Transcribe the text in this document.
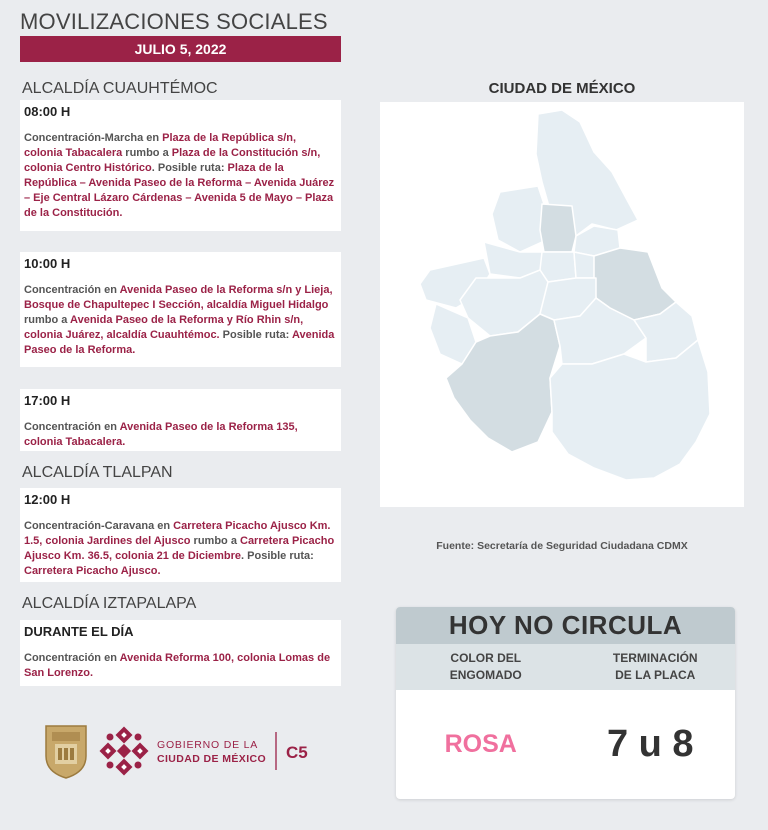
MOVILIZACIONES SOCIALES
JULIO 5, 2022
ALCALDÍA CUAUHTÉMOC
08:00 H
Concentración-Marcha en Plaza de la República s/n, colonia Tabacalera rumbo a Plaza de la Constitución s/n, colonia Centro Histórico. Posible ruta: Plaza de la República – Avenida Paseo de la Reforma – Avenida Juárez – Eje Central Lázaro Cárdenas – Avenida 5 de Mayo – Plaza de la Constitución.
10:00 H
Concentración en Avenida Paseo de la Reforma s/n y Lieja, Bosque de Chapultepec I Sección, alcaldía Miguel Hidalgo rumbo a Avenida Paseo de la Reforma y Río Rhin s/n, colonia Juárez, alcaldía Cuauhtémoc. Posible ruta: Avenida Paseo de la Reforma.
17:00 H
Concentración en Avenida Paseo de la Reforma 135, colonia Tabacalera.
ALCALDÍA TLALPAN
12:00 H
Concentración-Caravana en Carretera Picacho Ajusco Km. 1.5, colonia Jardines del Ajusco rumbo a Carretera Picacho Ajusco Km. 36.5, colonia 21 de Diciembre. Posible ruta: Carretera Picacho Ajusco.
ALCALDÍA IZTAPALAPA
DURANTE EL DÍA
Concentración en Avenida Reforma 100, colonia Lomas de San Lorenzo.
CIUDAD DE MÉXICO
Fuente: Secretaría de Seguridad Ciudadana CDMX
HOY NO CIRCULA
COLOR DEL ENGOMADO
TERMINACIÓN DE LA PLACA
ROSA	7 u 8
GOBIERNO DE LA
CIUDAD DE MÉXICO C5
